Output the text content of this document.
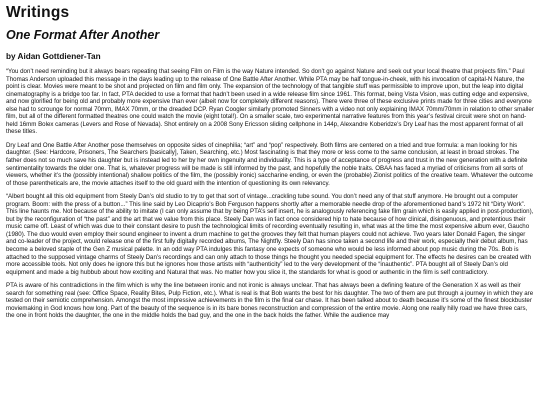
Writings
One Format After Another
by Aidan Gottdiener-Tan

“You don’t need reminding but it always bears repeating that seeing Film on Film is the way Nature intended. So don’t go against Nature and seek out your local theatre that projects film.” Paul Thomas Anderson uploaded this message in the days leading up to the release of One Battle After Another. While PTA may be half tongue-in-cheek, with his invocation of capital-N Nature, the point is clear. Movies were meant to be shot and projected on film and film only. The expansion of the technology of that tangible stuff was permissible to improve upon, but the leap into digital cinematography is a bridge too far. In fact, PTA decided to use a format that hadn’t been used in a wide release film since 1961. This format, being Vista Vision, was cutting edge and expensive, and now glorified for being old and probably more expensive than ever (albeit now for completely different reasons). There were three of these exclusive prints made for three cities and everyone else had to scrounge for normal 70mm, IMAX 70mm, or the dreaded DCP. Ryan Coogler similarly promoted Sinners with a video not only explaining IMAX 70mm/70mm in relation to other smaller film, but all of the different formatted theatres one could watch the movie (eight total!). On a smaller scale, two experimental narrative features from this year’s festival circuit were shot on hand-held 16mm Bolex cameras (Levers and Rose of Nevada). Shot entirely on a 2008 Sony Ericsson sliding cellphone in 144p, Alexandre Koberidze’s Dry Leaf has the most apparent format of all these titles.

Dry Leaf and One Battle After Another pose themselves on opposite sides of cinephilia; “art” and “pop” respectively. Both films are centered on a tried and true formula: a man looking for his daughter. (See: Hardcore, Prisoners, The Searchers [basically], Taken, Searching, etc.) Most fascinating is that they more or less come to the same conclusion, at least in broad strokes. The father does not so much save his daughter but is instead led to her by her own ingenuity and individuality. This is a type of acceptance of progress and trust in the new generation with a definite sentimentality towards the older one. That is, whatever progress will be made is still informed by the past, and hopefully the noble traits. OBAA has faced a myriad of criticisms from all sorts of viewers, whether it’s the (possibly intentional) shallow politics of the film, the (possibly ironic) saccharine ending, or even the (probable) Zionist politics of the creative team. Whatever the outcome of those parentheticals are, the movie attaches itself to the old guard with the intention of questioning its own relevancy.

“Albert bought all this old equipment from Steely Dan’s old studio to try to get that sort of vintage...crackling tube sound. You don’t need any of that stuff anymore. He brought out a computer program. Boom: with the press of a button...” This line said by Leo Dicaprio’s Bob Ferguson happens shortly after a memorable needle drop of the aforementioned band’s 1972 hit “Dirty Work”. This line haunts me. Not because of the ability to imitate (I can only assume that by being PTA’s self insert, he is analogously referencing fake film grain which is easily applied in post-production), but by the reconfiguration of “the past” and the art that we value from this place. Steely Dan was in fact once considered hip to hate because of how clinical, disingenuous, and pretentious their music came off. Least of which was due to their constant desire to push the technological limits of recording eventually resulting in, what was at the time the most expensive album ever, Gaucho (1980). The duo would even employ their sound engineer to invent a drum machine to get the grooves they felt that human players could not achieve. Two years later Donald Fagen, the singer and co-leader of the project, would release one of the first fully digitally recorded albums, The Nightfly. Steely Dan has since taken a second life and their work, especially their debut album, has become a beloved staple of the Gen Z musical palette. In an odd way PTA indulges this fantasy one expects of someone who would be less informed about pop music during the 70s. Bob is attached to the supposed vintage charms of Steely Dan’s recordings and can only attach to those things he thought you needed special equipment for. The effects he desires can be created with more accessible tools. Not only does he ignore this but he ignores how those artists with “authenticity” led to the very development of the “inauthentic”. PTA bought all of Steely Dan’s old equipment and made a big hubbub about how exciting and Natural that was. No matter how you slice it, the standards for what is good or authentic in the film is self contradictory.

PTA is aware of his contradictions in the film which is why the line between ironic and not ironic is always unclear. That has always been a defining feature of the Generation X as well as their search for something real (see: Office Space, Reality Bites, Pulp Fiction, etc.). What is real is that Bob wants the best for his daughter. The two of them are put through a journey in which they are tested on their semiotic comprehension. Amongst the most impressive achievements in the film is the final car chase. It has been talked about to death because it’s some of the finest blockbuster moviemaking in God knows how long. Part of the beauty of the sequence is in its bare bones reconstruction and compression of the entire movie. Along one really hilly road we have three cars, the one in front holds the daughter, the one in the middle holds the bad guy, and the one in the back holds the father. While the audience may
